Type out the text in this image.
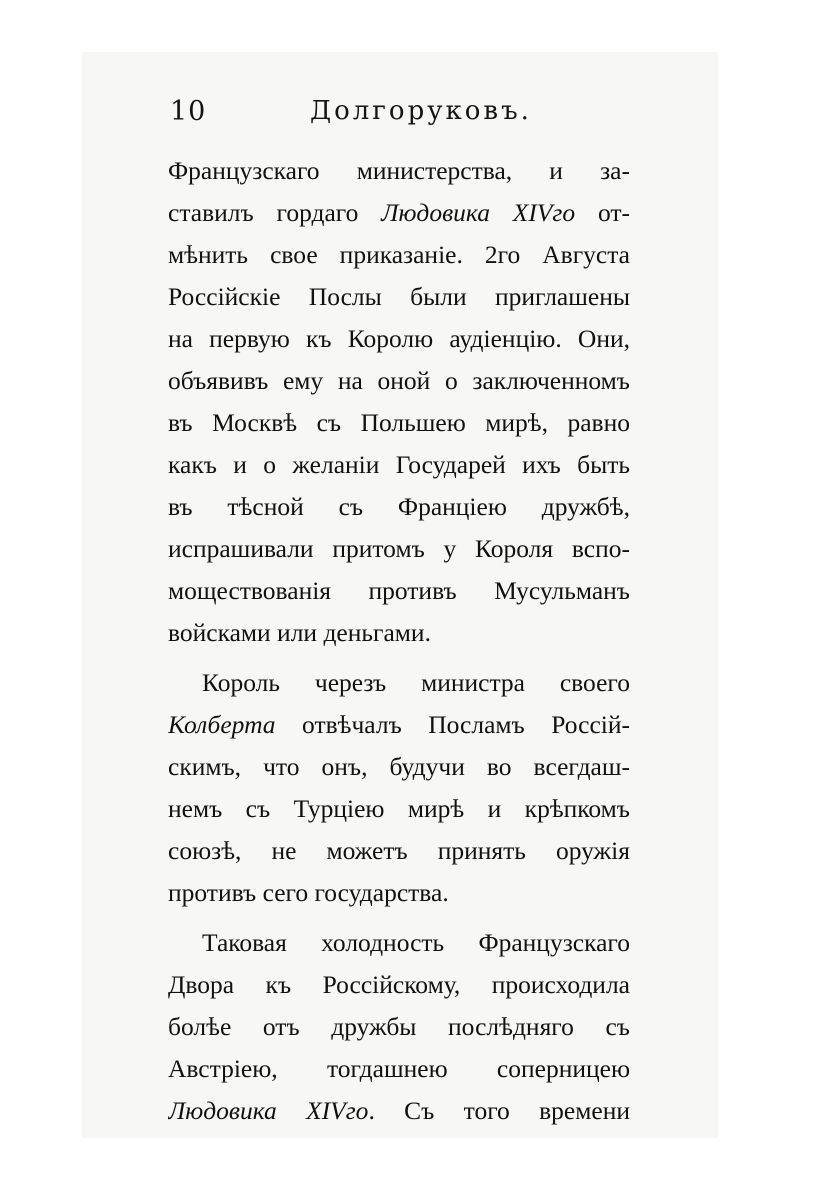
10	Долгоруковъ.
Французскаго министерства, и за-
ставилъ гордаго Людовика XIVго от-
мѣнить свое приказанiе. 2го Августа
Россiйскiе Послы были приглашены
на первую къ Королю аудiенцiю. Они,
объявивъ ему на оной о заключенномъ
въ Москвѣ съ Польшею мирѣ, равно
какъ и о желанiи Государей ихъ быть
въ тѣсной съ Францiею дружбѣ,
испрашивали притомъ у Короля вспо-
моществованiя противъ Мусульманъ
войсками или деньгами.
Король черезъ министра своего
Колберта отвѣчалъ Посламъ Россiй-
скимъ, что онъ, будучи во всегдаш-
немъ съ Турцiею мирѣ и крѣпкомъ
союзѣ, не можетъ принять оружiя
противъ сего государства.
Таковая холодность Французскаго
Двора къ Россiйскому, происходила
болѣе отъ дружбы послѣдняго съ
Австрiею, тогдашнею соперницею
Людовика XIVго. Съ того времени
